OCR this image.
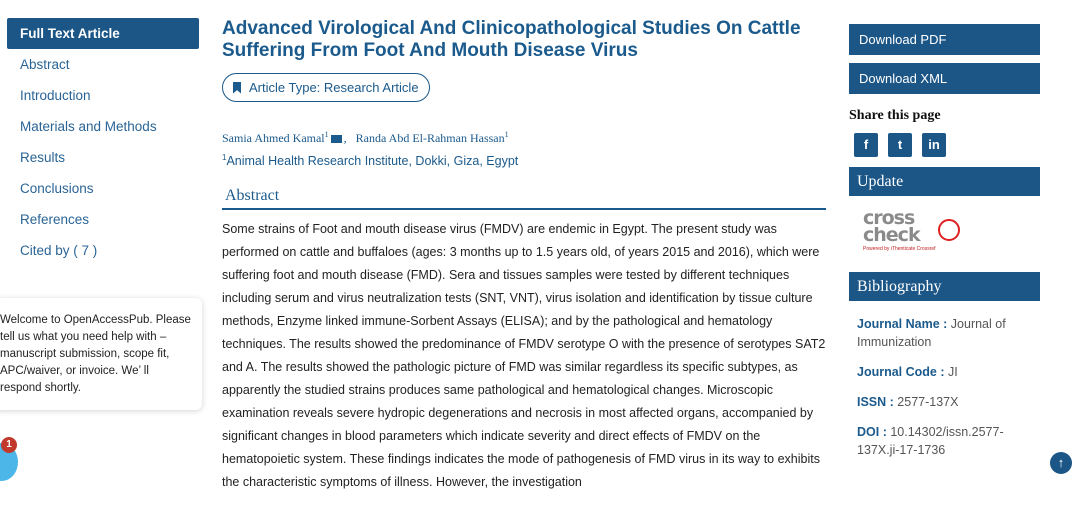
Full Text Article
Abstract
Introduction
Materials and Methods
Results
Conclusions
References
Cited by ( 7 )
Welcome to OpenAccessPub. Please tell us what you need help with – manuscript submission, scope fit, APC/waiver, or invoice. We’ ll respond shortly.
1
Advanced Virological And Clinicopathological Studies On Cattle Suffering From Foot And Mouth Disease Virus
Article Type: Research Article
Samia Ahmed Kamal$^1$ ,   Randa Abd El-Rahman Hassan$^1$
$^1$Animal Health Research Institute, Dokki, Giza, Egypt
Abstract

Some strains of Foot and mouth disease virus (FMDV) are endemic in Egypt. The present study was performed on cattle and buffaloes (ages: 3 months up to 1.5 years old, of years 2015 and 2016), which were suffering foot and mouth disease (FMD). Sera and tissues samples were tested by different techniques including serum and virus neutralization tests (SNT, VNT), virus isolation and identification by tissue culture methods, Enzyme linked immune-Sorbent Assays (ELISA); and by the pathological and hematology techniques. The results showed the predominance of FMDV serotype O with the presence of serotypes SAT2 and A. The results showed the pathologic picture of FMD was similar regardless its specific subtypes, as apparently the studied strains produces same pathological and hematological changes. Microscopic examination reveals severe hydropic degenerations and necrosis in most affected organs, accompanied by significant changes in blood parameters which indicate severity and direct effects of FMDV on the hematopoietic system. These findings indicates the mode of pathogenesis of FMD virus in its way to exhibits the characteristic symptoms of illness. However, the investigation

Download PDF
Download XML
Share this page
f	t	in
Update
cross check
Powered by iThenticate Crossref
Bibliography

Journal Name : Journal of Immunization

Journal Code : JI

ISSN : 2577-137X

DOI : 10.14302/issn.2577-137X.ji-17-1736

↑
